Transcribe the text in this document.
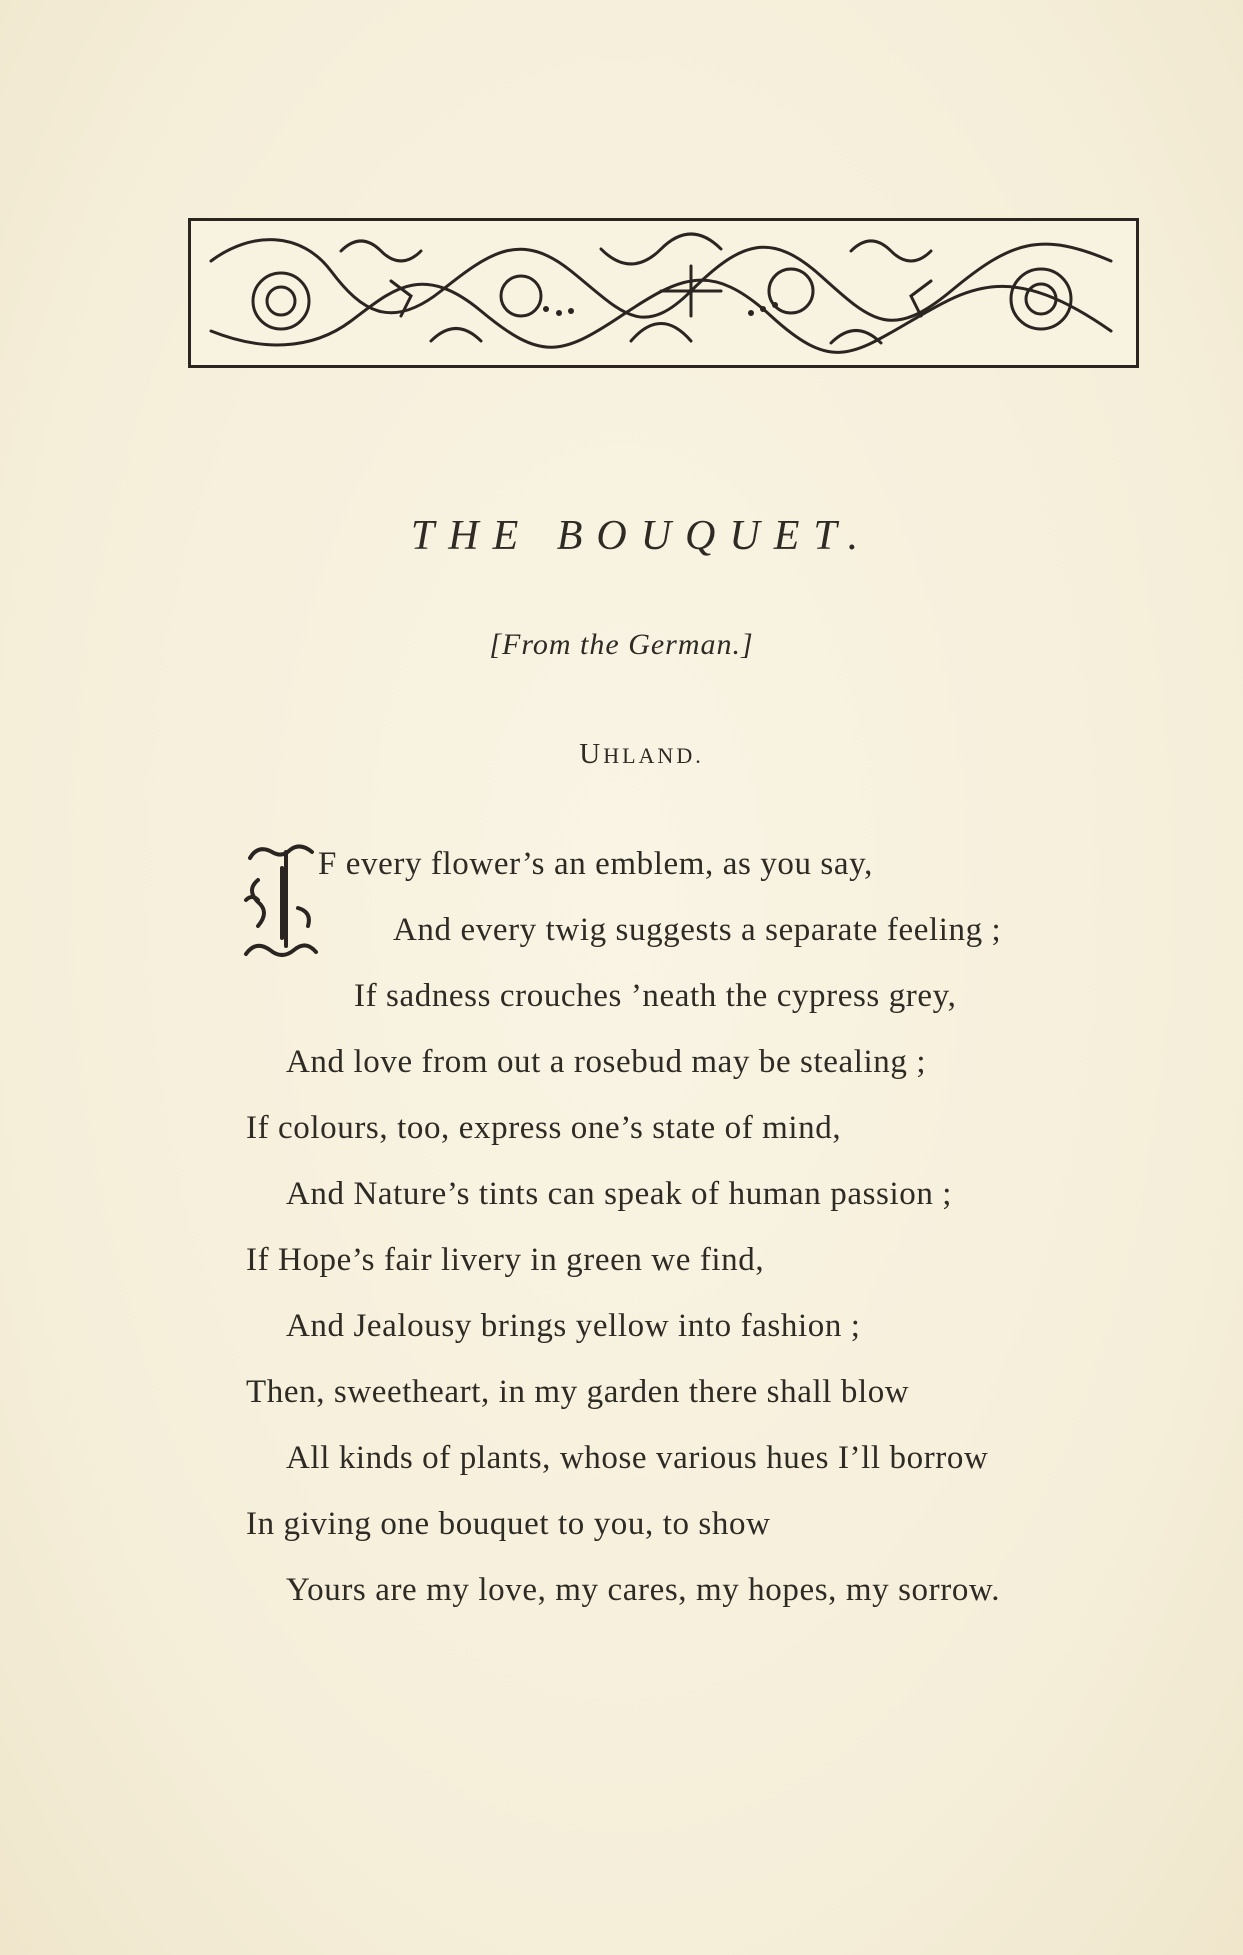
THE BOUQUET.
[From the German.]
UHLAND.
F every flower’s an emblem, as you say,
And every twig suggests a separate feeling ;
If sadness crouches ’neath the cypress grey,
And love from out a rosebud may be stealing ;
If colours, too, express one’s state of mind,
And Nature’s tints can speak of human passion ;
If Hope’s fair livery in green we find,
And Jealousy brings yellow into fashion ;
Then, sweetheart, in my garden there shall blow
All kinds of plants, whose various hues I’ll borrow
In giving one bouquet to you, to show
Yours are my love, my cares, my hopes, my sorrow.
